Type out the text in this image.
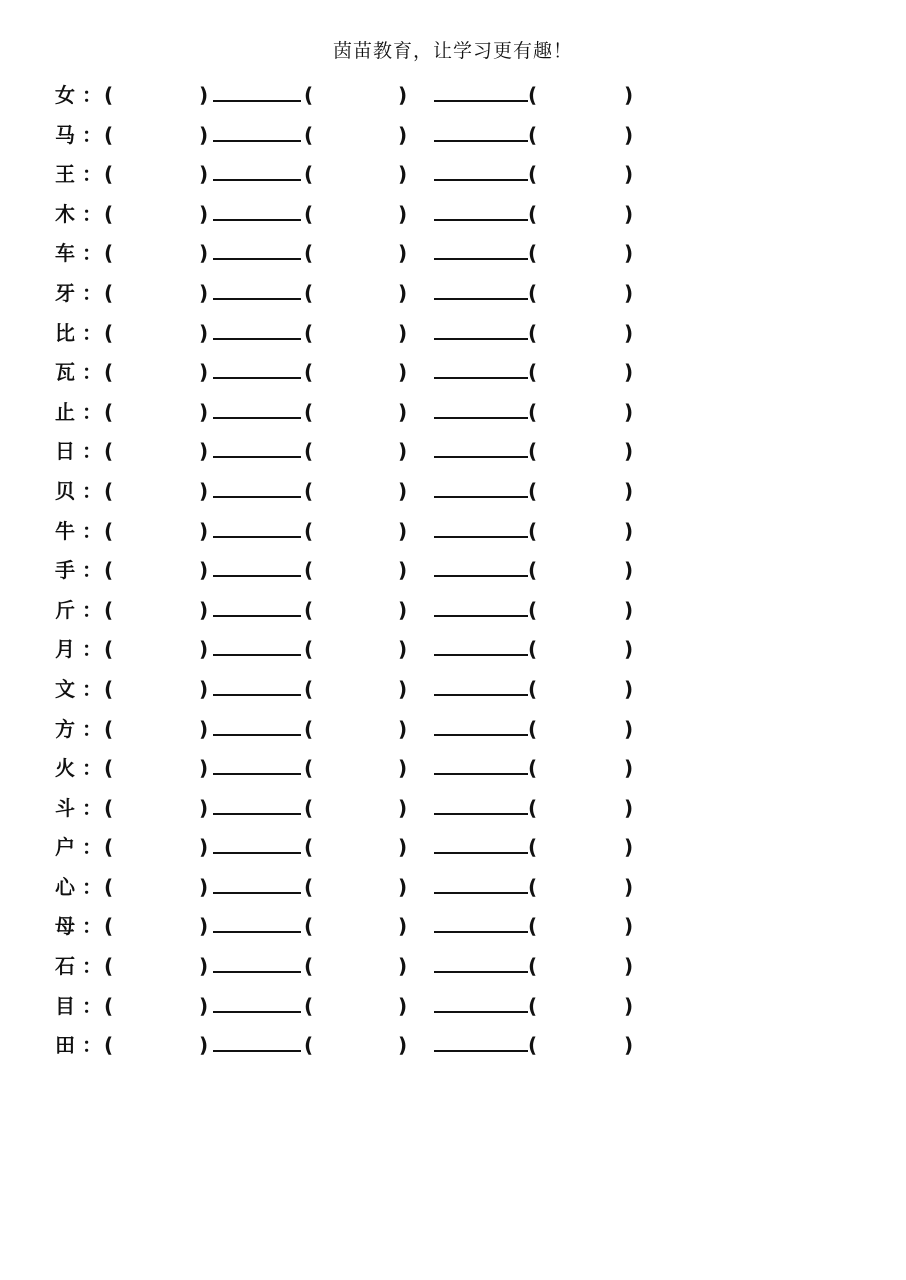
茵苗教育，让学习更有趣！
女 ： (	)	(	)	(	)
马 ： (	)	(	)	(	)
王 ： (	)	(	)	(	)
木 ： (	)	(	)	(	)
车 ： (	)	(	)	(	)
牙 ： (	)	(	)	(	)
比 ： (	)	(	)	(	)
瓦 ： (	)	(	)	(	)
止 ： (	)	(	)	(	)
日 ： (	)	(	)	(	)
贝 ： (	)	(	)	(	)
牛 ： (	)	(	)	(	)
手 ： (	)	(	)	(	)
斤 ： (	)	(	)	(	)
月 ： (	)	(	)	(	)
文 ： (	)	(	)	(	)
方 ： (	)	(	)	(	)
火 ： (	)	(	)	(	)
斗 ： (	)	(	)	(	)
户 ： (	)	(	)	(	)
心 ： (	)	(	)	(	)
母 ： (	)	(	)	(	)
石 ： (	)	(	)	(	)
目 ： (	)	(	)	(	)
田 ： (	)	(	)	(	)
